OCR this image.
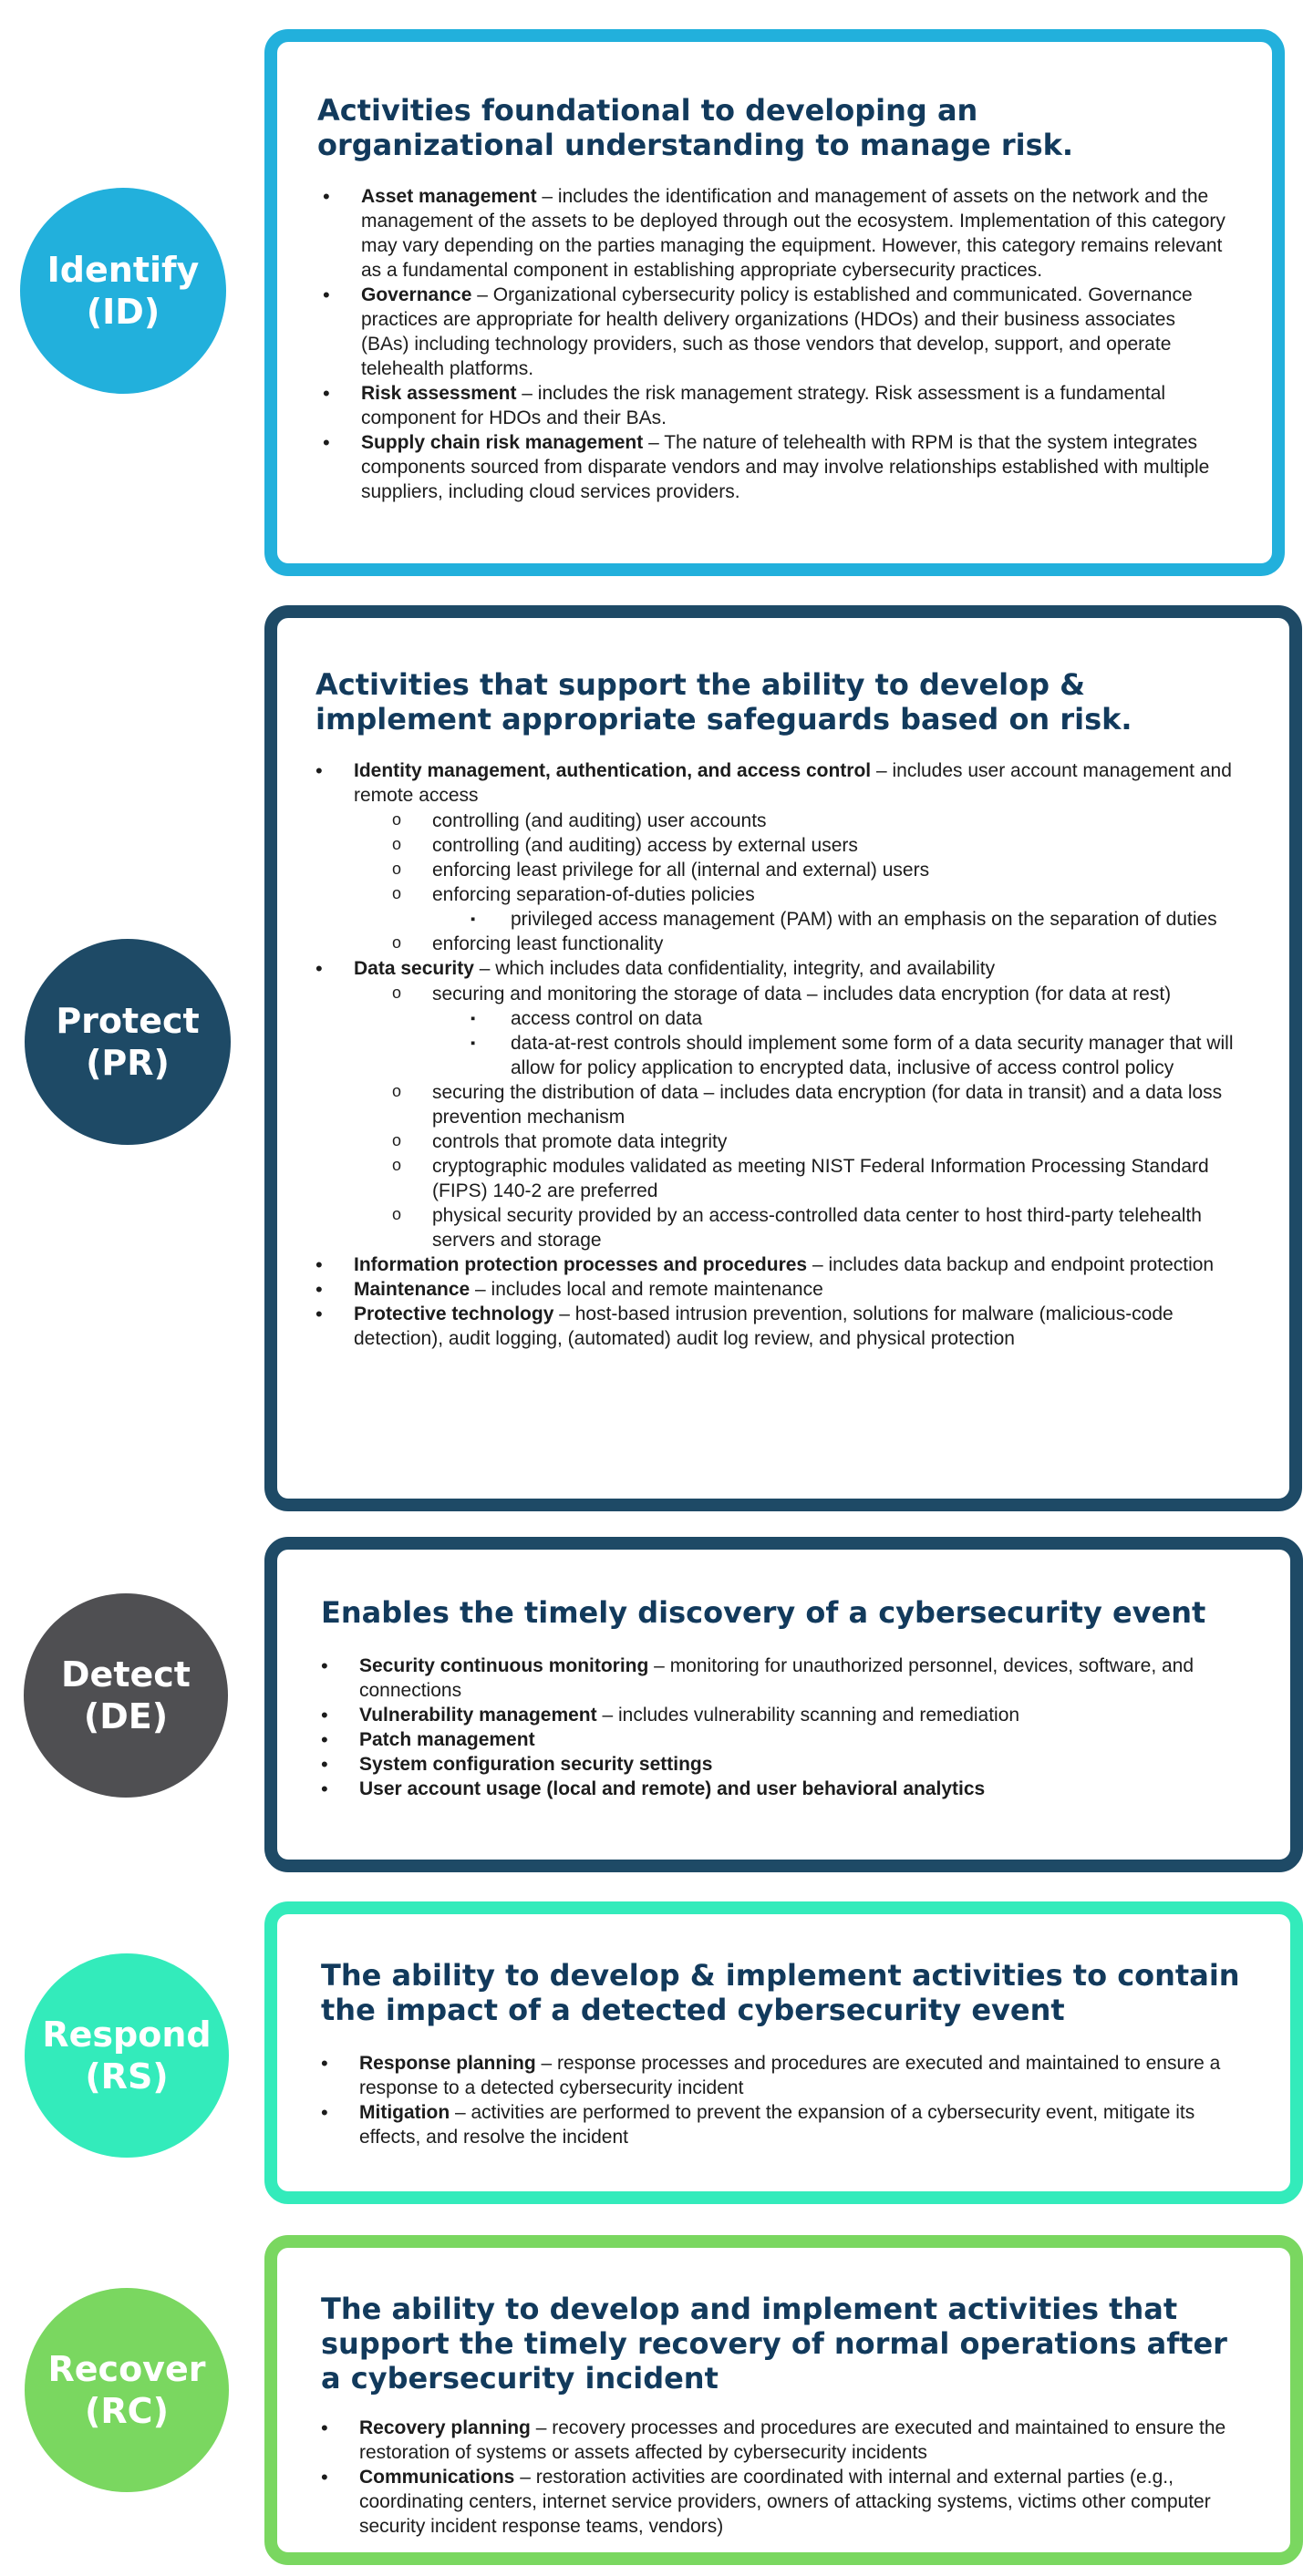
Identify
(ID)
Activities foundational to developing an organizational understanding to manage risk.
• Asset management – includes the identification and management of assets on the network and the management of the assets to be deployed through out the ecosystem. Implementation of this category may vary depending on the parties managing the equipment. However, this category remains relevant as a fundamental component in establishing appropriate cybersecurity practices.
• Governance – Organizational cybersecurity policy is established and communicated. Governance practices are appropriate for health delivery organizations (HDOs) and their business associates (BAs) including technology providers, such as those vendors that develop, support, and operate telehealth platforms.
• Risk assessment – includes the risk management strategy. Risk assessment is a fundamental component for HDOs and their BAs.
• Supply chain risk management – The nature of telehealth with RPM is that the system integrates components sourced from disparate vendors and may involve relationships established with multiple suppliers, including cloud services providers.
Protect
(PR)
Activities that support the ability to develop & implement appropriate safeguards based on risk.
• Identity management, authentication, and access control – includes user account management and remote access
o controlling (and auditing) user accounts
o controlling (and auditing) access by external users
o enforcing least privilege for all (internal and external) users
o enforcing separation-of-duties policies
▪ privileged access management (PAM) with an emphasis on the separation of duties
o enforcing least functionality
• Data security – which includes data confidentiality, integrity, and availability
o securing and monitoring the storage of data – includes data encryption (for data at rest)
▪ access control on data
▪ data-at-rest controls should implement some form of a data security manager that will allow for policy application to encrypted data, inclusive of access control policy
o securing the distribution of data – includes data encryption (for data in transit) and a data loss prevention mechanism
o controls that promote data integrity
o cryptographic modules validated as meeting NIST Federal Information Processing Standard (FIPS) 140-2 are preferred
o physical security provided by an access-controlled data center to host third-party telehealth servers and storage
• Information protection processes and procedures – includes data backup and endpoint protection
• Maintenance – includes local and remote maintenance
• Protective technology – host-based intrusion prevention, solutions for malware (malicious-code detection), audit logging, (automated) audit log review, and physical protection
Detect
(DE)
Enables the timely discovery of a cybersecurity event
• Security continuous monitoring – monitoring for unauthorized personnel, devices, software, and connections
• Vulnerability management – includes vulnerability scanning and remediation
• Patch management
• System configuration security settings
• User account usage (local and remote) and user behavioral analytics
Respond
(RS)
The ability to develop & implement activities to contain the impact of a detected cybersecurity event
• Response planning – response processes and procedures are executed and maintained to ensure a response to a detected cybersecurity incident
• Mitigation – activities are performed to prevent the expansion of a cybersecurity event, mitigate its effects, and resolve the incident
Recover
(RC)
The ability to develop and implement activities that support the timely recovery of normal operations after a cybersecurity incident
• Recovery planning – recovery processes and procedures are executed and maintained to ensure the restoration of systems or assets affected by cybersecurity incidents
• Communications – restoration activities are coordinated with internal and external parties (e.g., coordinating centers, internet service providers, owners of attacking systems, victims other computer security incident response teams, vendors)
